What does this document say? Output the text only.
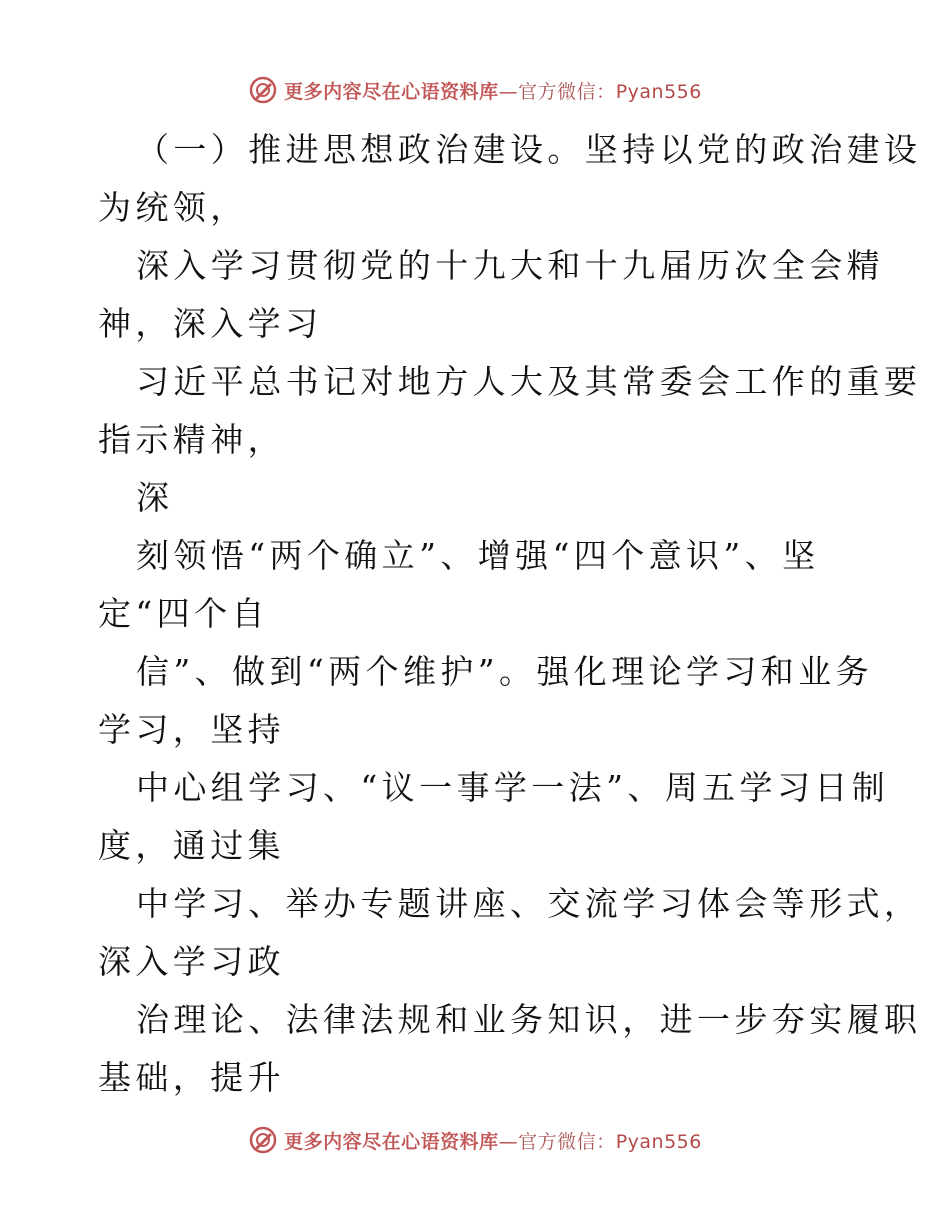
更多内容尽在心语资料库—官方微信：Pyan556
（一）推进思想政治建设。坚持以党的政治建设
为统领，
深入学习贯彻党的十九大和十九届历次全会精
神，深入学习
习近平总书记对地方人大及其常委会工作的重要
指示精神，
深
刻领悟“两个确立”、增强“四个意识”、坚
定“四个自
信”、做到“两个维护”。强化理论学习和业务
学习，坚持
中心组学习、“议一事学一法”、周五学习日制
度，通过集
中学习、举办专题讲座、交流学习体会等形式，
深入学习政
治理论、法律法规和业务知识，进一步夯实履职
基础，提升
更多内容尽在心语资料库—官方微信：Pyan556
